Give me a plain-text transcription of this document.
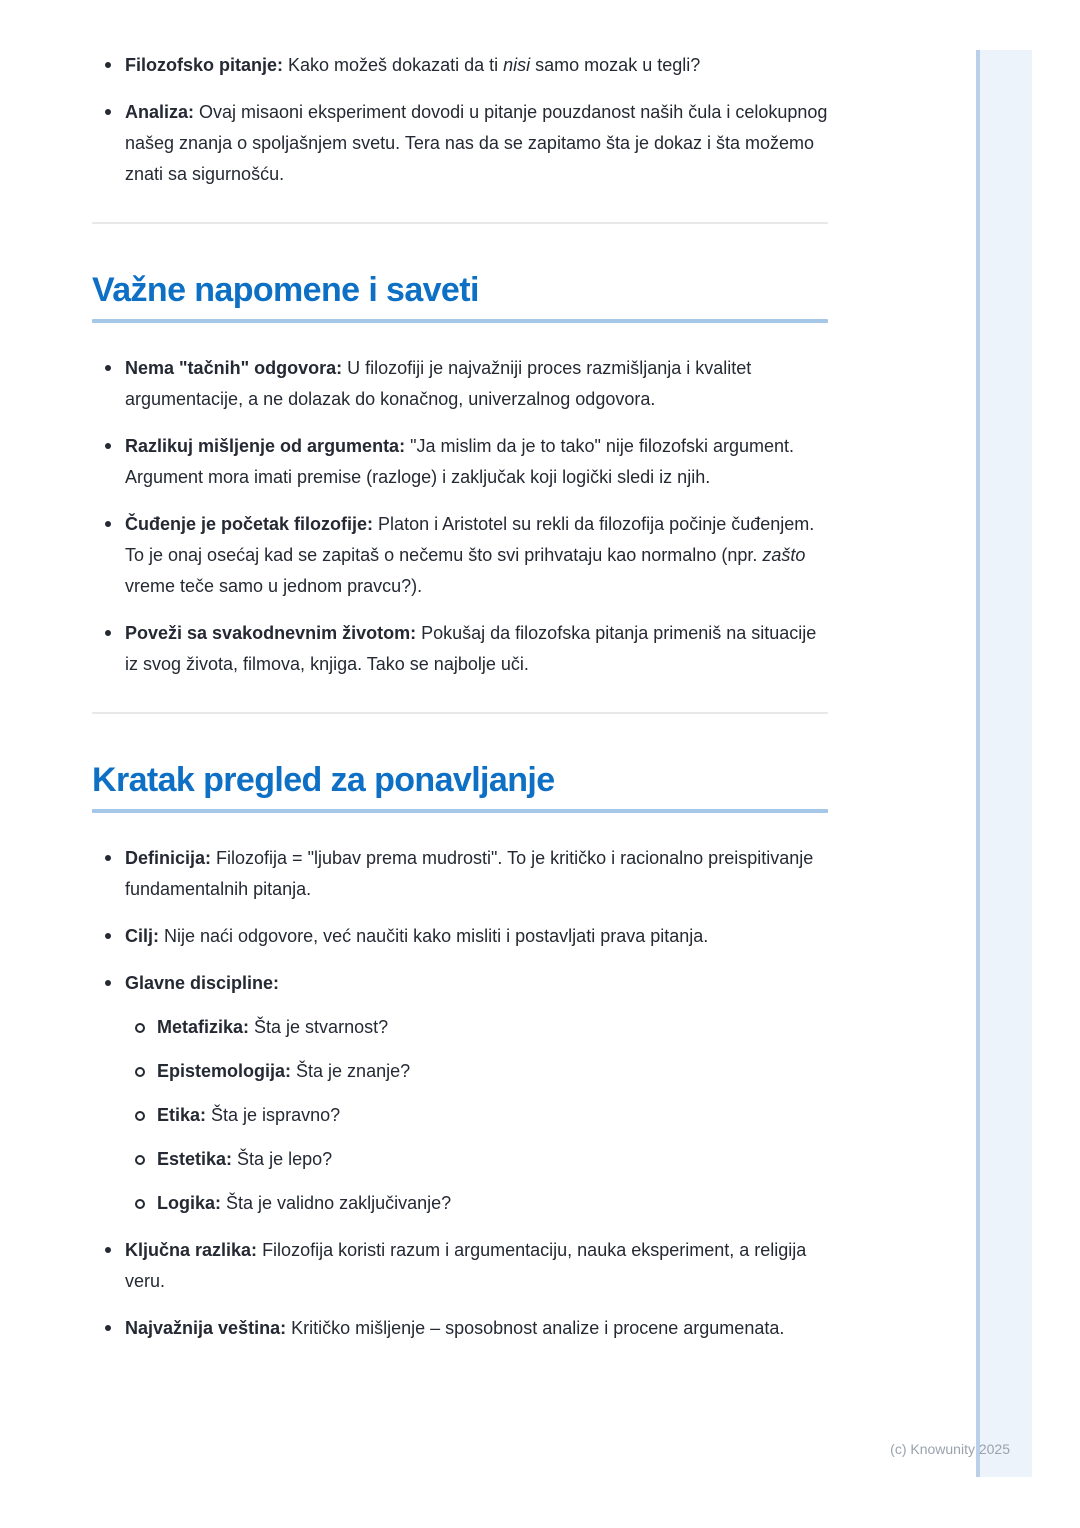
Filozofsko pitanje: Kako možeš dokazati da ti nisi samo mozak u tegli?
Analiza: Ovaj misaoni eksperiment dovodi u pitanje pouzdanost naših čula i celokupnog našeg znanja o spoljašnjem svetu. Tera nas da se zapitamo šta je dokaz i šta možemo znati sa sigurnošću.
Važne napomene i saveti
Nema "tačnih" odgovora: U filozofiji je najvažniji proces razmišljanja i kvalitet argumentacije, a ne dolazak do konačnog, univerzalnog odgovora.
Razlikuj mišljenje od argumenta: "Ja mislim da je to tako" nije filozofski argument. Argument mora imati premise (razloge) i zaključak koji logički sledi iz njih.
Čuđenje je početak filozofije: Platon i Aristotel su rekli da filozofija počinje čuđenjem. To je onaj osećaj kad se zapitaš o nečemu što svi prihvataju kao normalno (npr. zašto vreme teče samo u jednom pravcu?).
Poveži sa svakodnevnim životom: Pokušaj da filozofska pitanja primeniš na situacije iz svog života, filmova, knjiga. Tako se najbolje uči.
Kratak pregled za ponavljanje
Definicija: Filozofija = "ljubav prema mudrosti". To je kritičko i racionalno preispitivanje fundamentalnih pitanja.
Cilj: Nije naći odgovore, već naučiti kako misliti i postavljati prava pitanja.
Glavne discipline:
Metafizika: Šta je stvarnost?
Epistemologija: Šta je znanje?
Etika: Šta je ispravno?
Estetika: Šta je lepo?
Logika: Šta je validno zaključivanje?
Ključna razlika: Filozofija koristi razum i argumentaciju, nauka eksperiment, a religija veru.
Najvažnija veština: Kritičko mišljenje – sposobnost analize i procene argumenata.
(c) Knowunity 2025
